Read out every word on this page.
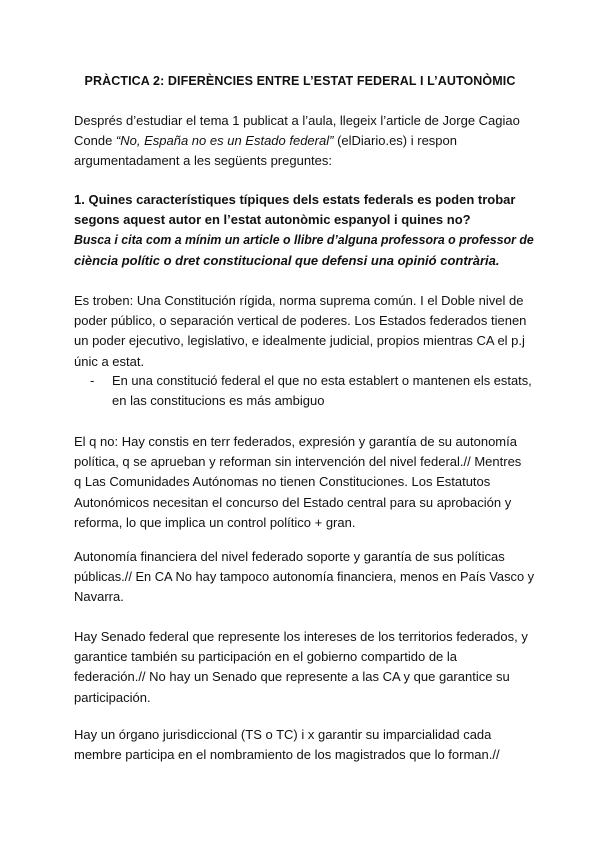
PRÀCTICA 2: DIFERÈNCIES ENTRE L’ESTAT FEDERAL I L’AUTONÒMIC
Després d’estudiar el tema 1 publicat a l’aula, llegeix l’article de Jorge Cagiao
Conde “No, España no es un Estado federal” (elDiario.es) i respon
argumentadament a les següents preguntes:
1. Quines característiques típiques dels estats federals es poden trobar
segons aquest autor en l’estat autonòmic espanyol i quines no?
Busca i cita com a mínim un article o llibre d’alguna professora o professor de
ciència polític o dret constitucional que defensi una opinió contrària.
Es troben: Una Constitución rígida, norma suprema común. I el Doble nivel de
poder público, o separación vertical de poderes. Los Estados federados tienen
un poder ejecutivo, legislativo, e idealmente judicial, propios mientras CA el p.j
únic a estat.
- En una constitució federal el que no esta establert o mantenen els estats,
en las constitucions es más ambiguo
El q no: Hay constis en terr federados, expresión y garantía de su autonomía
política, q se aprueban y reforman sin intervención del nivel federal.// Mentres
q Las Comunidades Autónomas no tienen Constituciones. Los Estatutos
Autonómicos necesitan el concurso del Estado central para su aprobación y
reforma, lo que implica un control político + gran.
Autonomía financiera del nivel federado soporte y garantía de sus políticas
públicas.// En CA No hay tampoco autonomía financiera, menos en País Vasco y
Navarra.
Hay Senado federal que represente los intereses de los territorios federados, y
garantice también su participación en el gobierno compartido de la
federación.// No hay un Senado que represente a las CA y que garantice su
participación.
Hay un órgano jurisdiccional (TS o TC) i x garantir su imparcialidad cada
membre participa en el nombramiento de los magistrados que lo forman.//
